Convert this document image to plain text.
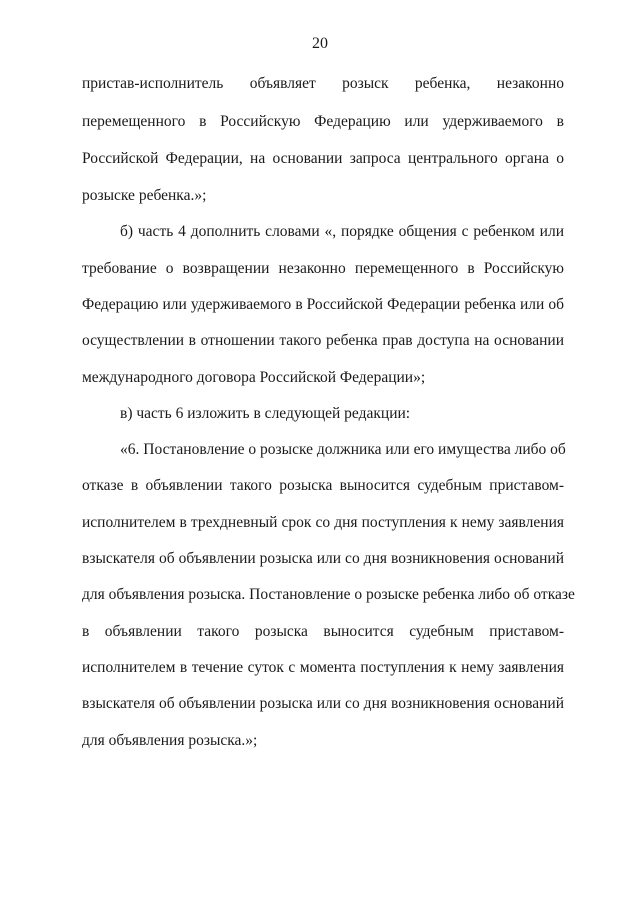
20
пристав-исполнитель объявляет розыск ребенка, незаконно
перемещенного в Российскую Федерацию или удерживаемого в
Российской Федерации, на основании запроса центрального органа о
розыске ребенка.»;
б) часть 4 дополнить словами «, порядке общения с ребенком или
требование о возвращении незаконно перемещенного в Российскую
Федерацию или удерживаемого в Российской Федерации ребенка или об
осуществлении в отношении такого ребенка прав доступа на основании
международного договора Российской Федерации»;
в) часть 6 изложить в следующей редакции:
«6. Постановление о розыске должника или его имущества либо об
отказе в объявлении такого розыска выносится судебным приставом-
исполнителем в трехдневный срок со дня поступления к нему заявления
взыскателя об объявлении розыска или со дня возникновения оснований
для объявления розыска. Постановление о розыске ребенка либо об отказе
в объявлении такого розыска выносится судебным приставом-
исполнителем в течение суток с момента поступления к нему заявления
взыскателя об объявлении розыска или со дня возникновения оснований
для объявления розыска.»;
